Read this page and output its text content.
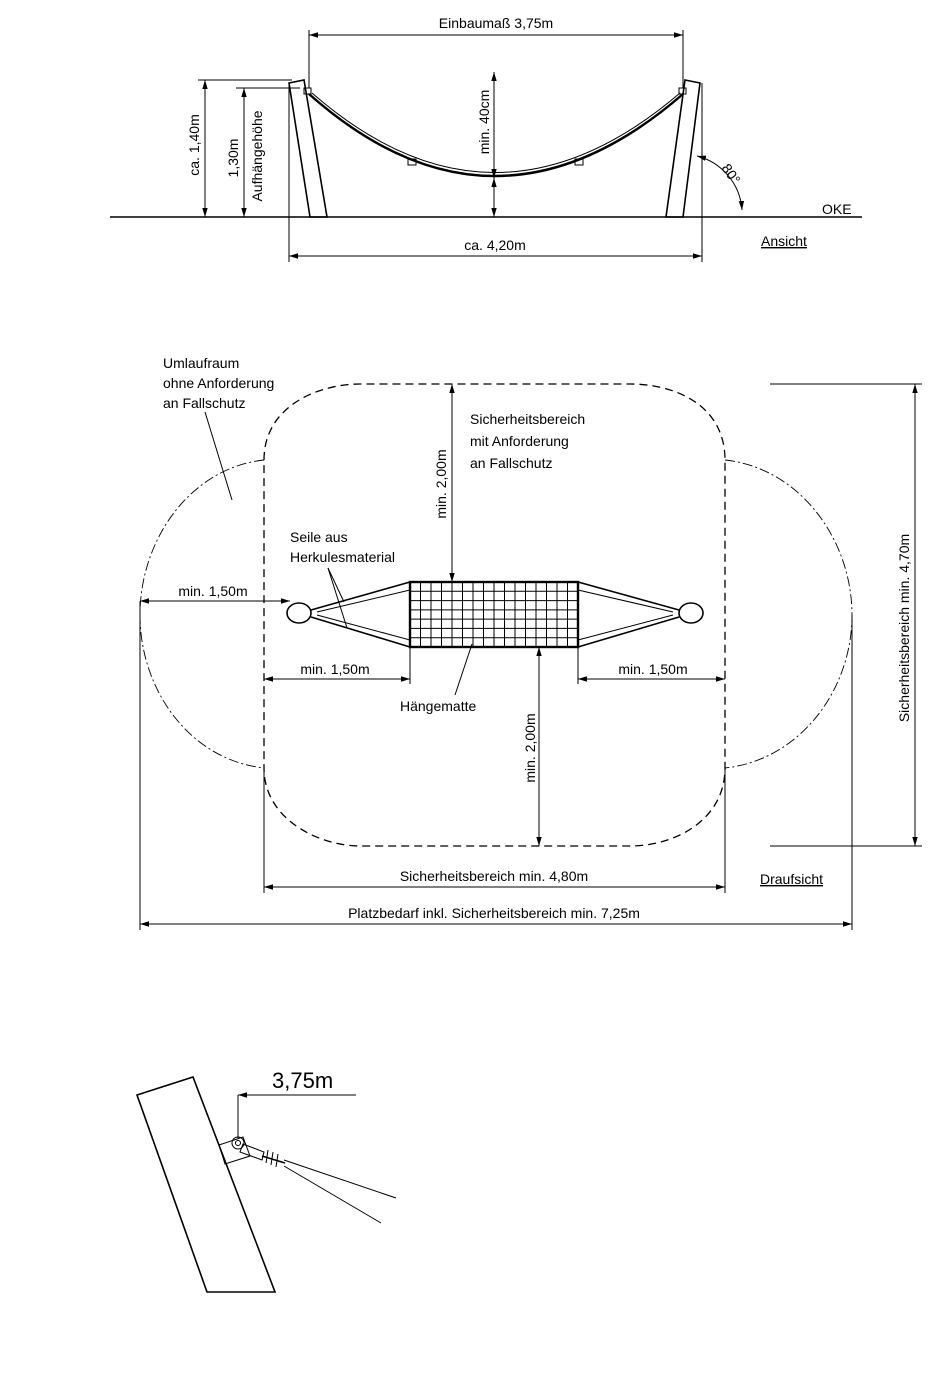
Einbaumaß 3,75m
ca. 1,40m 1,30m Aufhängehöhe	min. 40cm
80°
OKE
ca. 4,20m	Ansicht
min. 2,00m
min. 2,00m
Umlaufraum
ohne Anforderung
an Fallschutz
Sicherheitsbereich
mit Anforderung
an Fallschutz
Seile aus
Herkulesmaterial
min. 1,50m
min. 1,50m	min. 1,50m
Hängematte	Sicherheitsbereich min. 4,70m
Sicherheitsbereich min. 4,80m
Platzbedarf inkl. Sicherheitsbereich min. 7,25m
Draufsicht
3,75m
